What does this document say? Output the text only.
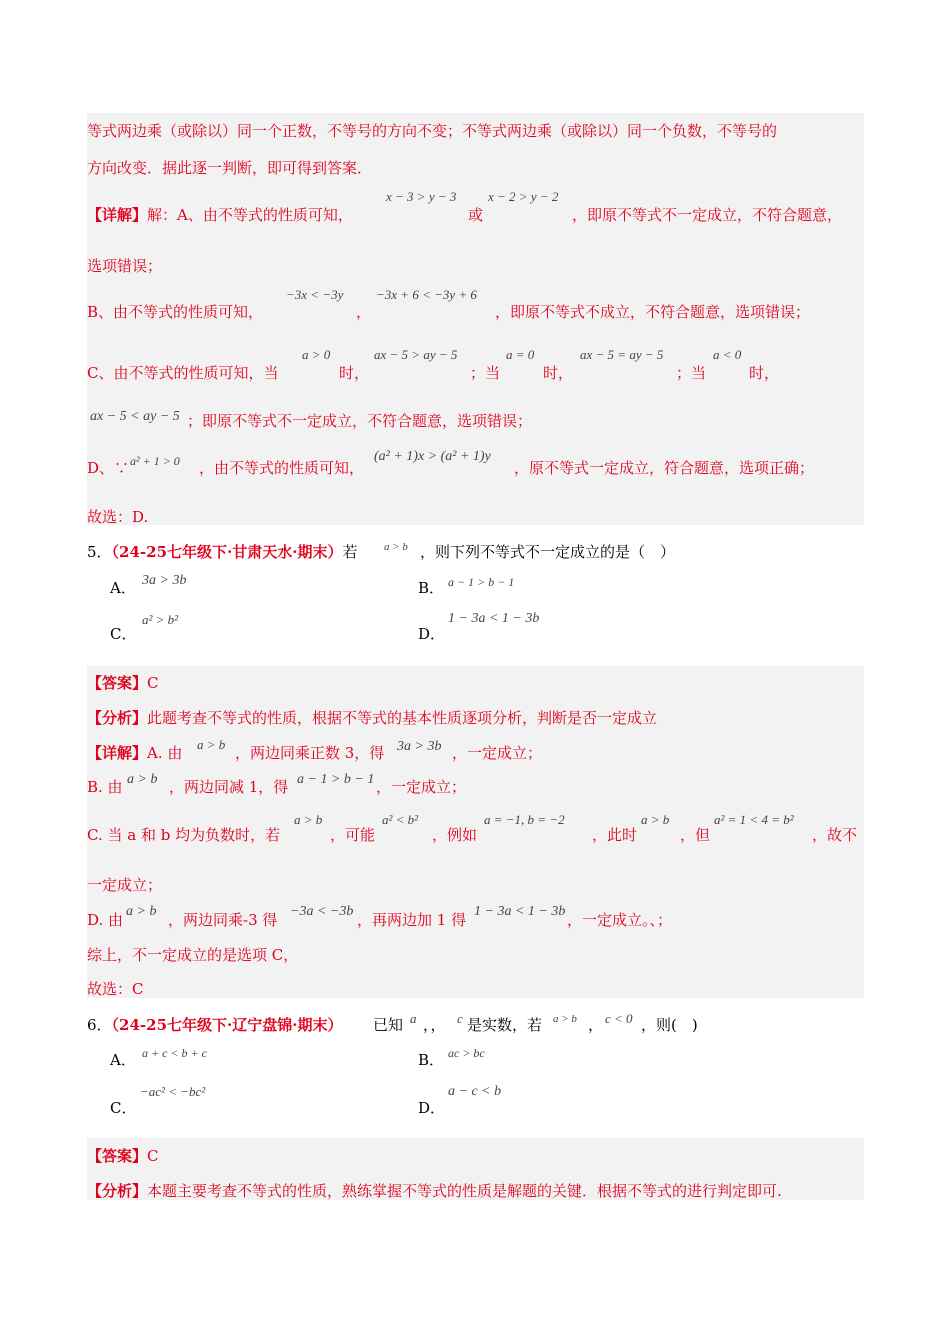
等式两边乘（或除以）同一个正数，不等号的方向不变；不等式两边乘（或除以）同一个负数，不等号的
方向改变．据此逐一判断，即可得到答案．
【详解】解：A、由不等式的性质可知，
x − 3 > y − 3
或
x − 2 > y − 2
，即原不等式不一定成立，不符合题意，
选项错误；
B、由不等式的性质可知，
−3x < −3y
，
−3x + 6 < −3y + 6
，即原不等式不成立，不符合题意，选项错误；
C、由不等式的性质可知，当
a > 0
时，
ax − 5 > ay − 5
；当
a = 0
时，
ax − 5 = ay − 5
；当
a < 0
时，
ax − 5 < ay − 5 ；即原不等式不一定成立，不符合题意，选项错误；
D、∵ a² + 1 > 0 ，由不等式的性质可知，
(a² + 1)x > (a² + 1)y
，原不等式一定成立，符合题意，选项正确；
故选：D.
5．（24-25七年级下·甘肃天水·期末）若 a > b ，则下列不等式不一定成立的是（　）
A． 3a > 3b	B． a − 1 > b − 1
C．
a² > b²
D．
1 − 3a < 1 − 3b
【答案】C
【分析】此题考查不等式的性质，根据不等式的基本性质逐项分析，判断是否一定成立
【详解】A. 由 a > b ，两边同乘正数 3，得 3a > 3b ，一定成立；
B. 由 a > b ，两边同减 1，得 a − 1 > b − 1 ，一定成立；
C. 当 a 和 b 均为负数时，若
a > b
，可能
a² < b²
，例如
a = −1, b = −2
，此时
a > b
，但
a² = 1 < 4 = b²
，故不
一定成立；
D. 由 a > b ，两边同乘-3 得 −3a < −3b ，再两边加 1 得 1 − 3a < 1 − 3b ，一定成立。、；
综上，不一定成立的是选项 C，
故选：C
6．（24-25七年级下·辽宁盘锦·期末） 已知 a ，， c 是实数，若 a > b ， c < 0 ，则(　)
A． a + c < b + c	B． ac > bc
C．
−ac² < −bc²
D．
a − c < b
【答案】C
【分析】本题主要考查不等式的性质，熟练掌握不等式的性质是解题的关键．根据不等式的进行判定即可.
